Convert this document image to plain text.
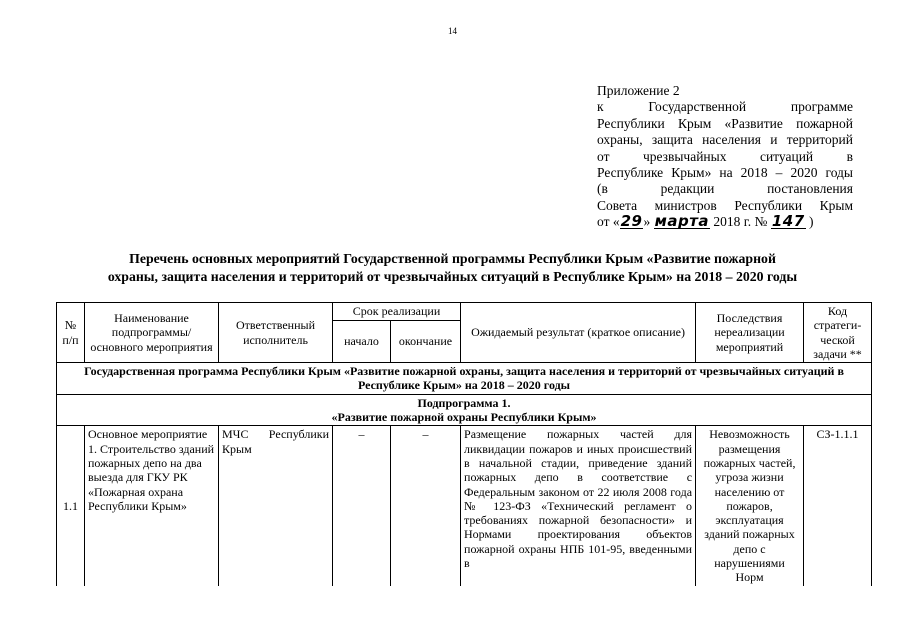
14
Приложение 2
к Государственной программе
Республики Крым «Развитие пожарной
охраны, защита населения и территорий
от чрезвычайных ситуаций в
Республике Крым» на 2018 – 2020 годы
(в редакции постановления
Совета министров Республики Крым
от «29» марта 2018 г. № 147 )
Перечень основных мероприятий Государственной программы Республики Крым «Развитие пожарной
охраны, защита населения и территорий от чрезвычайных ситуаций в Республике Крым» на 2018 – 2020 годы
№ п/п	Наименование подпрограммы/ основного мероприятия	Ответственный исполнитель	Срок реализации		Ожидаемый результат (краткое описание)	Последствия нереализации мероприятий	Код стратеги- ческой задачи **
			начало	окончание			
Государственная программа Республики Крым «Развитие пожарной охраны, защита населения и территорий от чрезвычайных ситуаций в Республике Крым» на 2018 – 2020 годы							

Подпрограмма 1.
«Развитие пожарной охраны Республики Крым»							

1.1	Основное мероприятие 1. Строительство зданий пожарных депо на два выезда для ГКУ РК «Пожарная охрана Республики Крым»	МЧС Республики Крым	–	–	Размещение пожарных частей для ликвидации пожаров и иных происшествий в начальной стадии, приведение зданий пожарных депо в соответствие с Федеральным законом от 22 июля 2008 года № 123-ФЗ «Технический регламент о требованиях пожарной безопасности» и Нормами проектирования объектов пожарной охраны НПБ 101-95, введенными в	Невозможность размещения пожарных частей, угроза жизни населению от пожаров, эксплуатация зданий пожарных депо с нарушениями Норм	СЗ-1.1.1
